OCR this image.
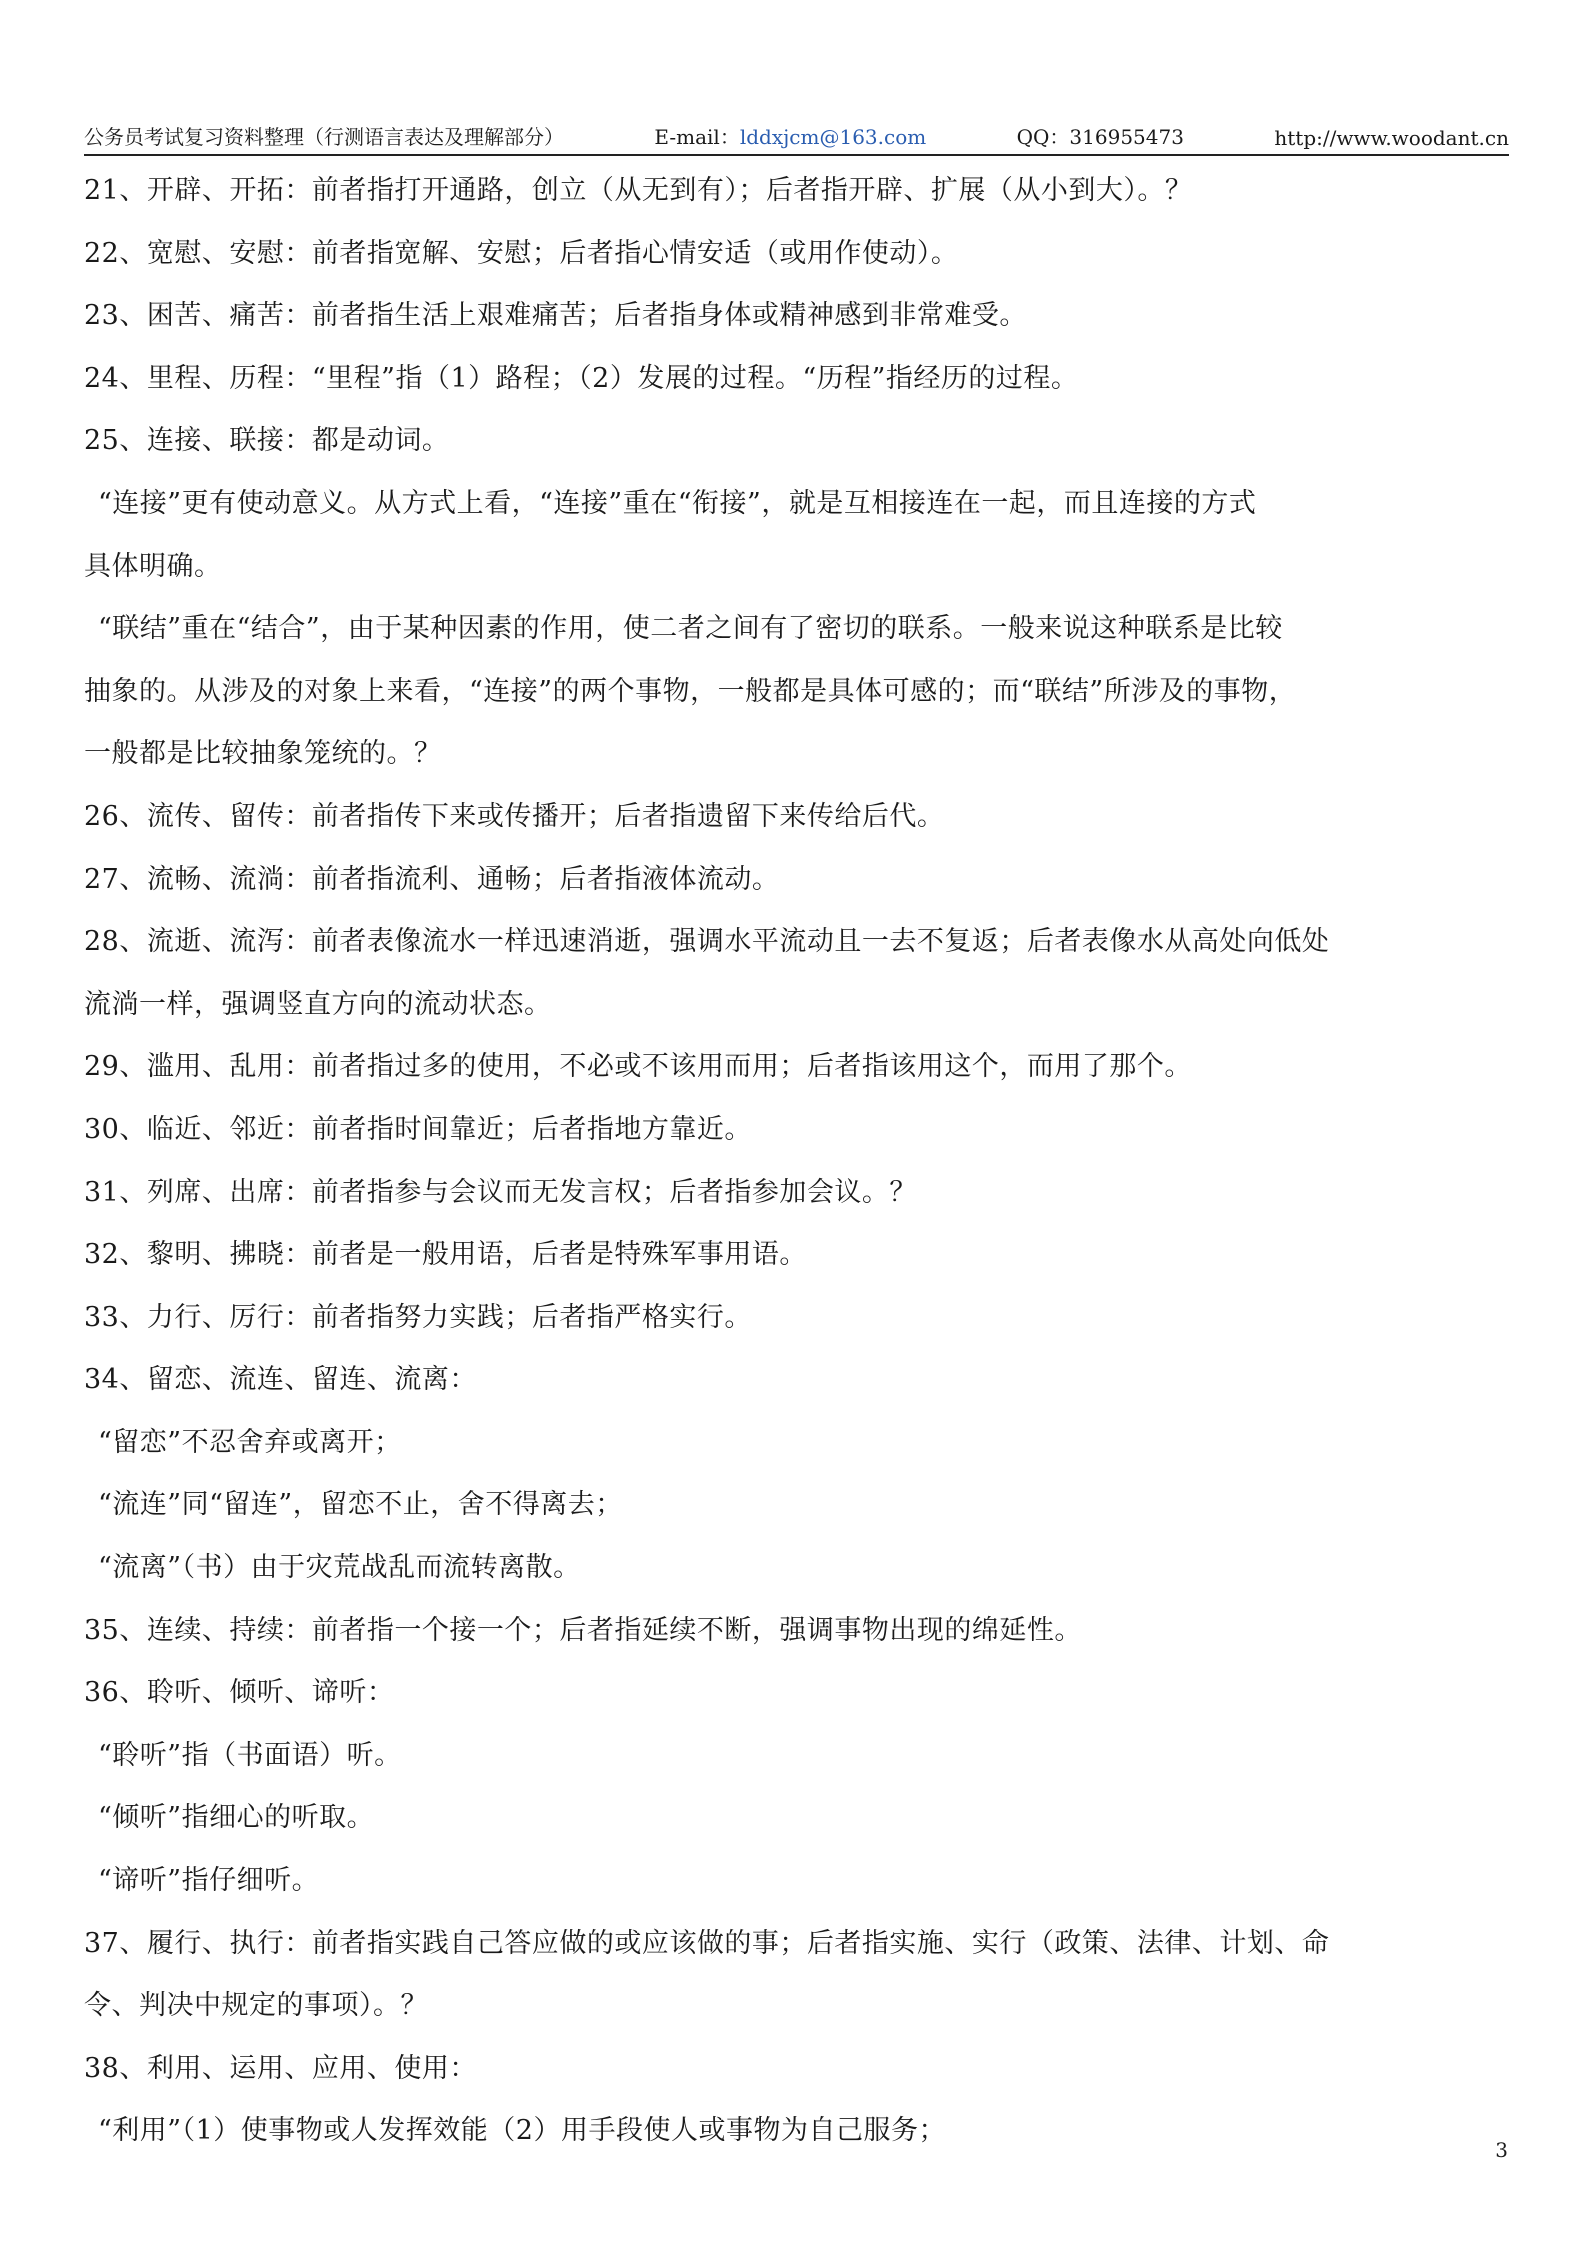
公务员考试复习资料整理（行测语言表达及理解部分）	E-mail：lddxjcm@163.com	QQ：316955473	http://www.woodant.cn
21、开辟、开拓：前者指打开通路，创立（从无到有）；后者指开辟、扩展（从小到大）。？
22、宽慰、安慰：前者指宽解、安慰；后者指心情安适（或用作使动）。
23、困苦、痛苦：前者指生活上艰难痛苦；后者指身体或精神感到非常难受。
24、里程、历程：“里程”指（1）路程；（2）发展的过程。“历程”指经历的过程。
25、连接、联接：都是动词。
“连接”更有使动意义。从方式上看，“连接”重在“衔接”，就是互相接连在一起，而且连接的方式
具体明确。
“联结”重在“结合”，由于某种因素的作用，使二者之间有了密切的联系。一般来说这种联系是比较
抽象的。从涉及的对象上来看，“连接”的两个事物，一般都是具体可感的；而“联结”所涉及的事物，
一般都是比较抽象笼统的。？
26、流传、留传：前者指传下来或传播开；后者指遗留下来传给后代。
27、流畅、流淌：前者指流利、通畅；后者指液体流动。
28、流逝、流泻：前者表像流水一样迅速消逝，强调水平流动且一去不复返；后者表像水从高处向低处
流淌一样，强调竖直方向的流动状态。
29、滥用、乱用：前者指过多的使用，不必或不该用而用；后者指该用这个，而用了那个。
30、临近、邻近：前者指时间靠近；后者指地方靠近。
31、列席、出席：前者指参与会议而无发言权；后者指参加会议。？
32、黎明、拂晓：前者是一般用语，后者是特殊军事用语。
33、力行、厉行：前者指努力实践；后者指严格实行。
34、留恋、流连、留连、流离：
“留恋”不忍舍弃或离开；
“流连”同“留连”，留恋不止，舍不得离去；
“流离”（书）由于灾荒战乱而流转离散。
35、连续、持续：前者指一个接一个；后者指延续不断，强调事物出现的绵延性。
36、聆听、倾听、谛听：
“聆听”指（书面语）听。
“倾听”指细心的听取。
“谛听”指仔细听。
37、履行、执行：前者指实践自己答应做的或应该做的事；后者指实施、实行（政策、法律、计划、命
令、判决中规定的事项）。？
38、利用、运用、应用、使用：
“利用”（1）使事物或人发挥效能（2）用手段使人或事物为自己服务；
3
